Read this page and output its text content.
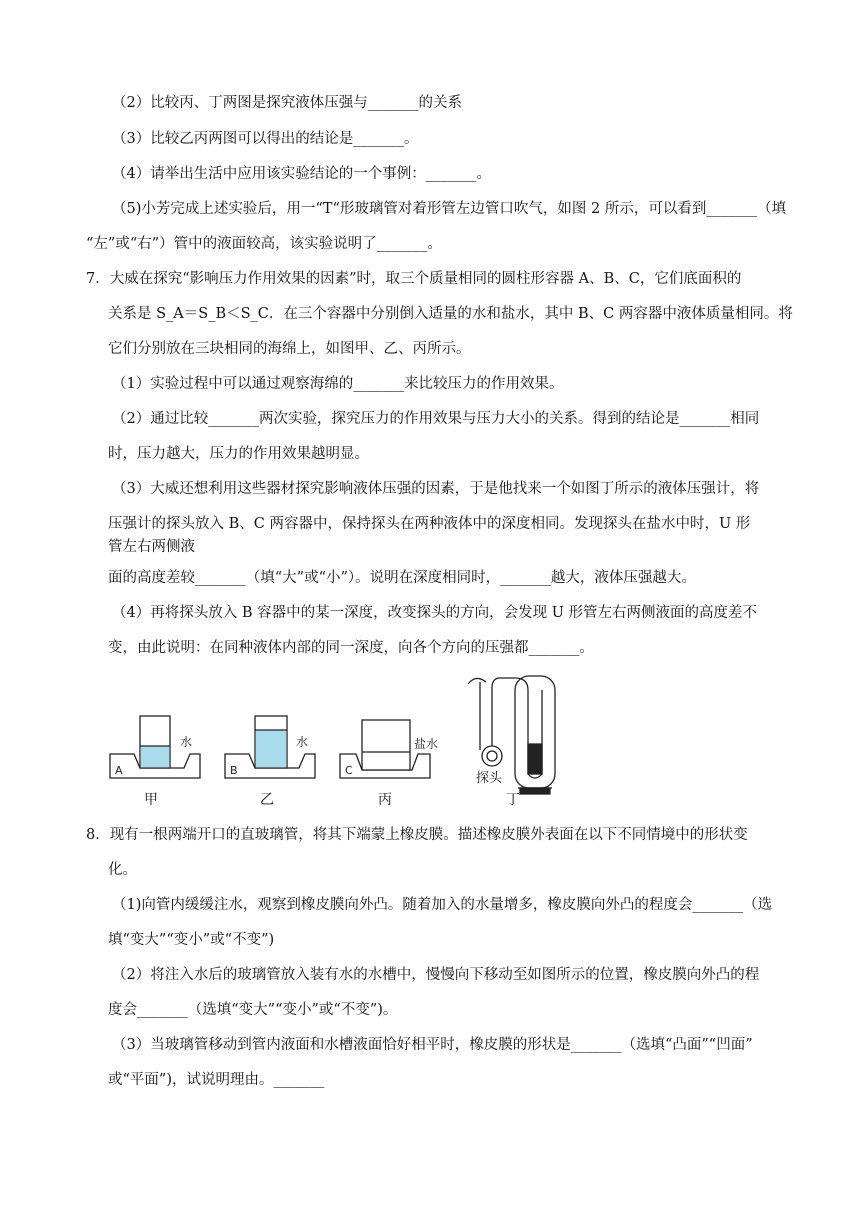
（2）比较丙、丁两图是探究液体压强与_______的关系
（3）比较乙丙两图可以得出的结论是_______。
（4）请举出生活中应用该实验结论的一个事例：_______。
（5)小芳完成上述实验后，用一“T“形玻璃管对着形管左边管口吹气，如图 2 所示，可以看到_______（填
“左”或“右”）管中的液面较高，该实验说明了_______。
7．大威在探究“影响压力作用效果的因素”时，取三个质量相同的圆柱形容器 A、B、C，它们底面积的
关系是 S_A＝S_B＜S_C．在三个容器中分别倒入适量的水和盐水，其中 B、C 两容器中液体质量相同。将
它们分别放在三块相同的海绵上，如图甲、乙、丙所示。
（1）实验过程中可以通过观察海绵的_______来比较压力的作用效果。
（2）通过比较_______两次实验，探究压力的作用效果与压力大小的关系。得到的结论是_______相同
时，压力越大，压力的作用效果越明显。
（3）大威还想利用这些器材探究影响液体压强的因素，于是他找来一个如图丁所示的液体压强计，将
压强计的探头放入 B、C 两容器中，保持探头在两种液体中的深度相同。发现探头在盐水中时，U 形
管左右两侧液
面的高度差较_______（填“大”或“小”）。说明在深度相同时，_______越大，液体压强越大。
（4）再将探头放入 B 容器中的某一深度，改变探头的方向，会发现 U 形管左右两侧液面的高度差不
变，由此说明：在同种液体内部的同一深度，向各个方向的压强都_______。
A
水
B
水
C
盐水
探头
甲	乙	丙	丁
8．现有一根两端开口的直玻璃管，将其下端蒙上橡皮膜。描述橡皮膜外表面在以下不同情境中的形状变
化。
（1)向管内缓缓注水，观察到橡皮膜向外凸。随着加入的水量增多，橡皮膜向外凸的程度会_______（选
填“变大”“变小”或“不变”)
（2）将注入水后的玻璃管放入装有水的水槽中，慢慢向下移动至如图所示的位置，橡皮膜向外凸的程
度会_______（选填“变大”“变小”或“不变”)。
（3）当玻璃管移动到管内液面和水槽液面恰好相平时，橡皮膜的形状是_______（选填“凸面”“凹面”
或“平面”)，试说明理由。_______
